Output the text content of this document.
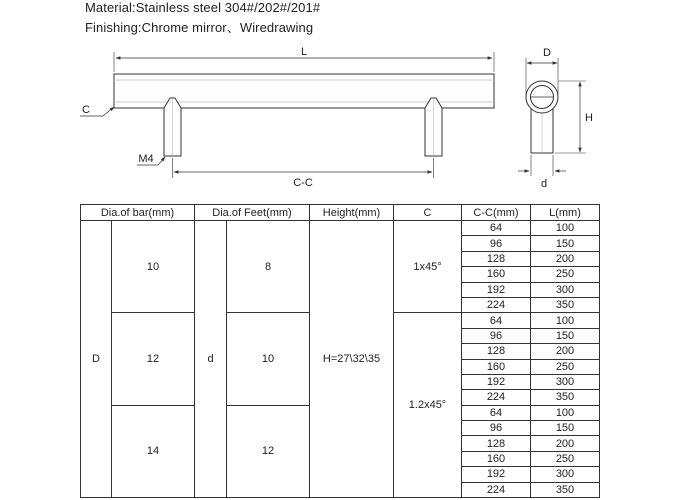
Material:Stainless steel 304#/202#/201#
Finishing:Chrome mirror、Wiredrawing
L
C
M4
C-C
D
H
d
Dia.of bar(mm)		Dia.of Feet(mm)		Height(mm)	C	C-C(mm)	L(mm)
D	10	d	8	H=27\32\35	1x45°	64	100
						96	150
						128	200
						160	250
						192	300
						224	350
	12		10		1.2x45°	64	100
						96	150
						128	200
						160	250
						192	300
						224	350
	14		12			64	100
						96	150
						128	200
						160	250
						192	300
						224	350
